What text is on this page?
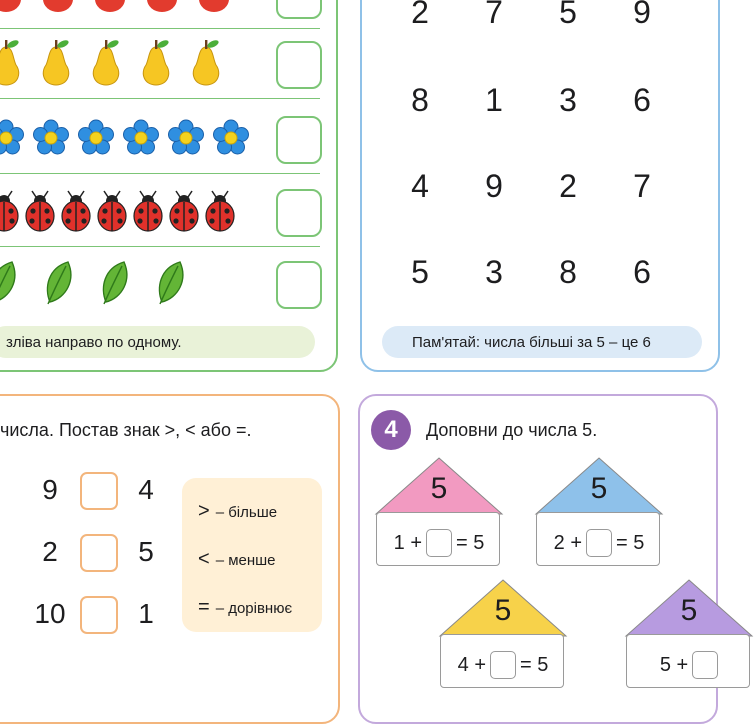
зліва направо по одному.
2	7	5	9
8	1	3	6
4	9	2	7
5	3	8	6
Пам'ятай: числа більші за 5 – це 6
числа. Постав знак >, < або =.
9	4
2	5
10	1
> – більше
< – менше
= – дорівнює
4	Доповни до числа 5.
5
1 + = 5
5
2 + = 5
5
4 + = 5
5
5 +
